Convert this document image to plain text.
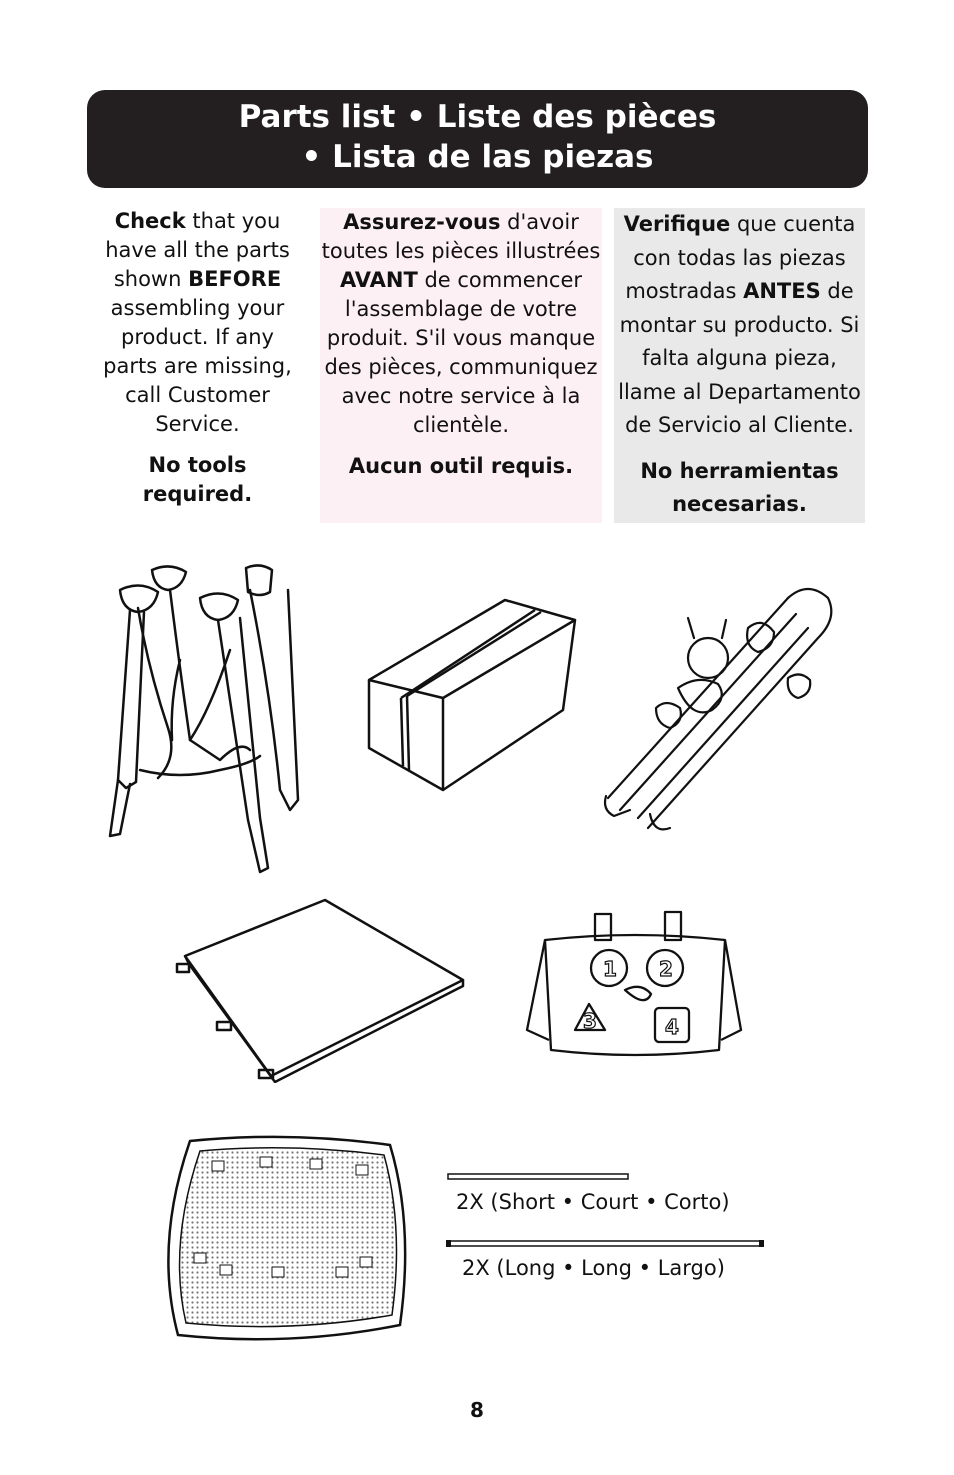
Parts list • Liste des pièces
• Lista de las piezas

Check that you have all the parts shown BEFORE assembling your product. If any parts are missing, call Customer Service.

No tools required.

Assurez-vous d'avoir toutes les pièces illustrées AVANT de commencer l'assemblage de votre produit. S'il vous manque des pièces, communiquez avec notre service à la clientèle.

Aucun outil requis.

Verifique que cuenta con todas las piezas mostradas ANTES de montar su producto. Si falta alguna pieza, llame al Departamento de Servicio al Cliente.

No herramientas necesarias.

1 2
3	4
2X (Short • Court • Corto)
2X (Long • Long • Largo)
8
